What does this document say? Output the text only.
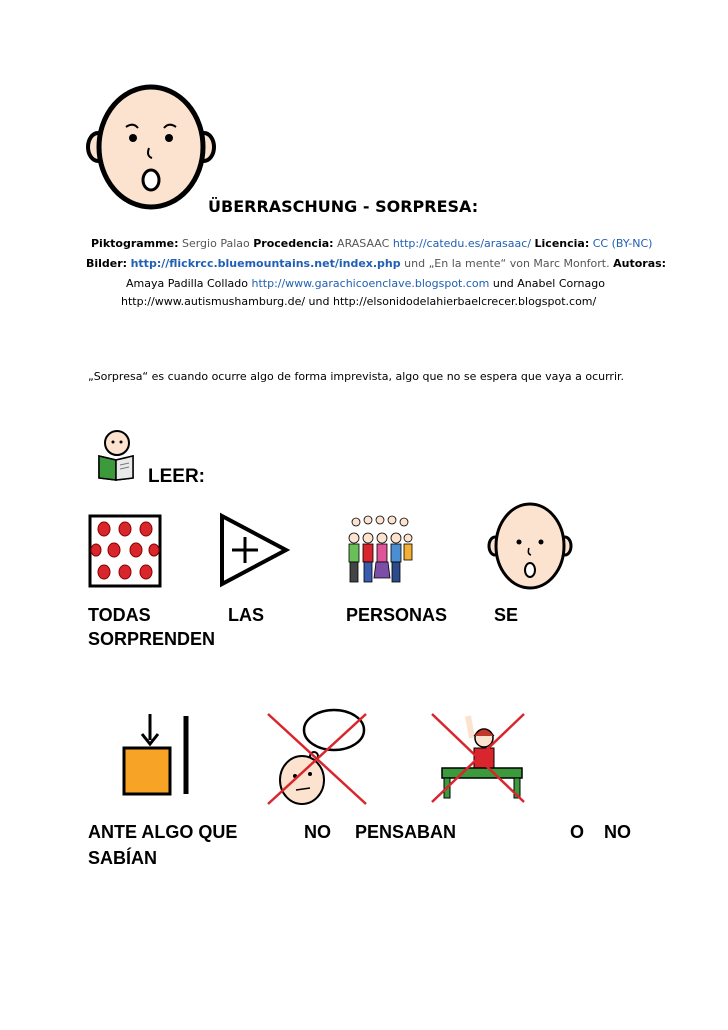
ÜBERRASCHUNG - SORPRESA:
Piktogramme: Sergio Palao Procedencia: ARASAAC http://catedu.es/arasaac/ Licencia: CC (BY-NC)
Bilder: http://flickrcc.bluemountains.net/index.php und „En la mente“ von Marc Monfort. Autoras:
Amaya Padilla Collado http://www.garachicoenclave.blogspot.com und Anabel Cornago
http://www.autismushamburg.de/ und http://elsonidodelahierbaelcrecer.blogspot.com/
„Sorpresa“ es cuando ocurre algo de forma imprevista, algo que no se espera que vaya a ocurrir.
LEER:
TODAS	LAS	PERSONAS	SE
SORPRENDEN
ANTE ALGO QUE	NO PENSABAN	O NO
SABÍAN
